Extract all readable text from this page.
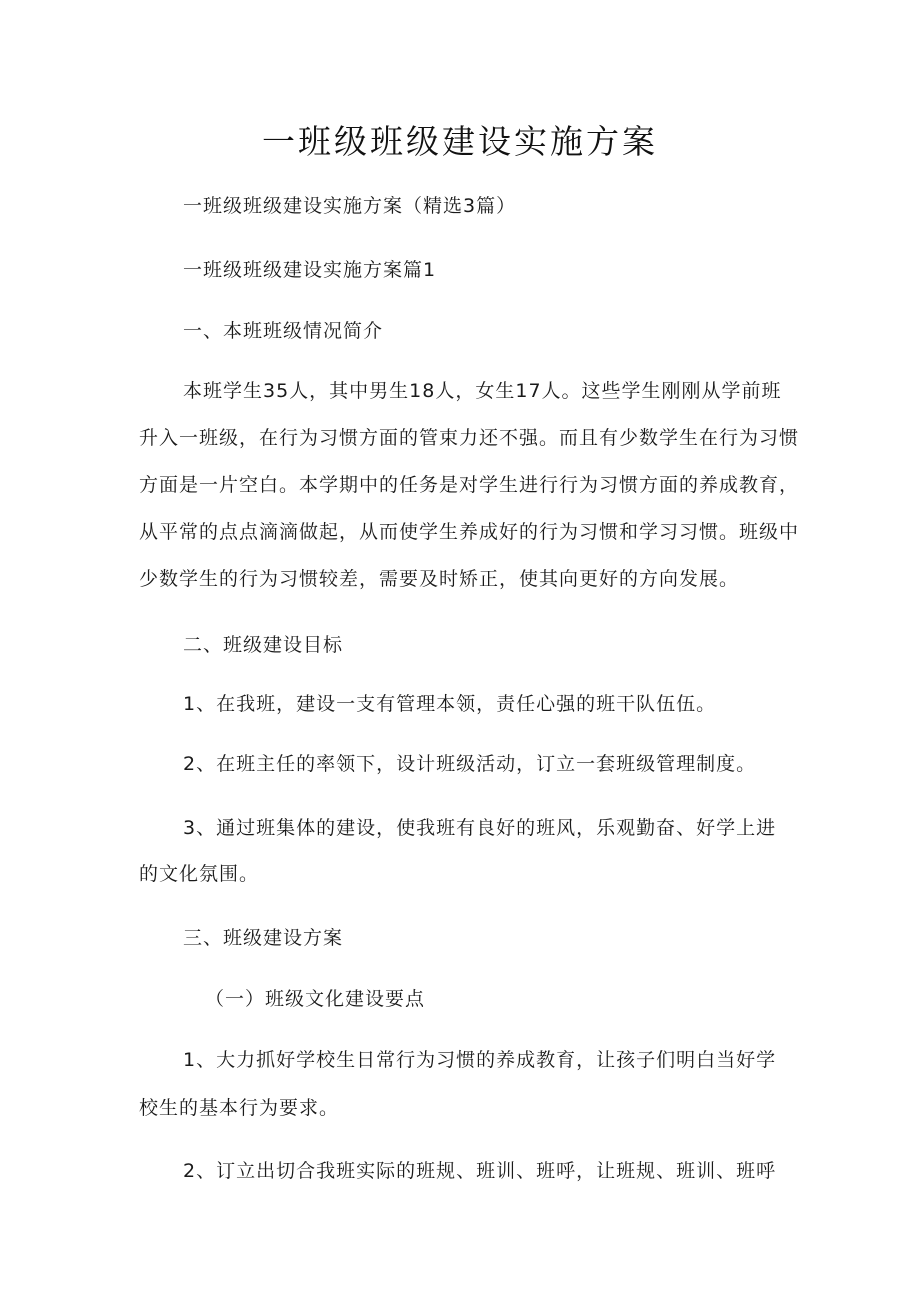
一班级班级建设实施方案
一班级班级建设实施方案（精选3篇）
一班级班级建设实施方案篇1
一、本班班级情况简介
本班学生35人，其中男生18人，女生17人。这些学生刚刚从学前班
升入一班级，在行为习惯方面的管束力还不强。而且有少数学生在行为习惯
方面是一片空白。本学期中的任务是对学生进行行为习惯方面的养成教育，
从平常的点点滴滴做起，从而使学生养成好的行为习惯和学习习惯。班级中
少数学生的行为习惯较差，需要及时矫正，使其向更好的方向发展。
二、班级建设目标
1、在我班，建设一支有管理本领，责任心强的班干队伍伍。
2、在班主任的率领下，设计班级活动，订立一套班级管理制度。
3、通过班集体的建设，使我班有良好的班风，乐观勤奋、好学上进
的文化氛围。
三、班级建设方案
（一）班级文化建设要点
1、大力抓好学校生日常行为习惯的养成教育，让孩子们明白当好学
校生的基本行为要求。
2、订立出切合我班实际的班规、班训、班呼，让班规、班训、班呼
